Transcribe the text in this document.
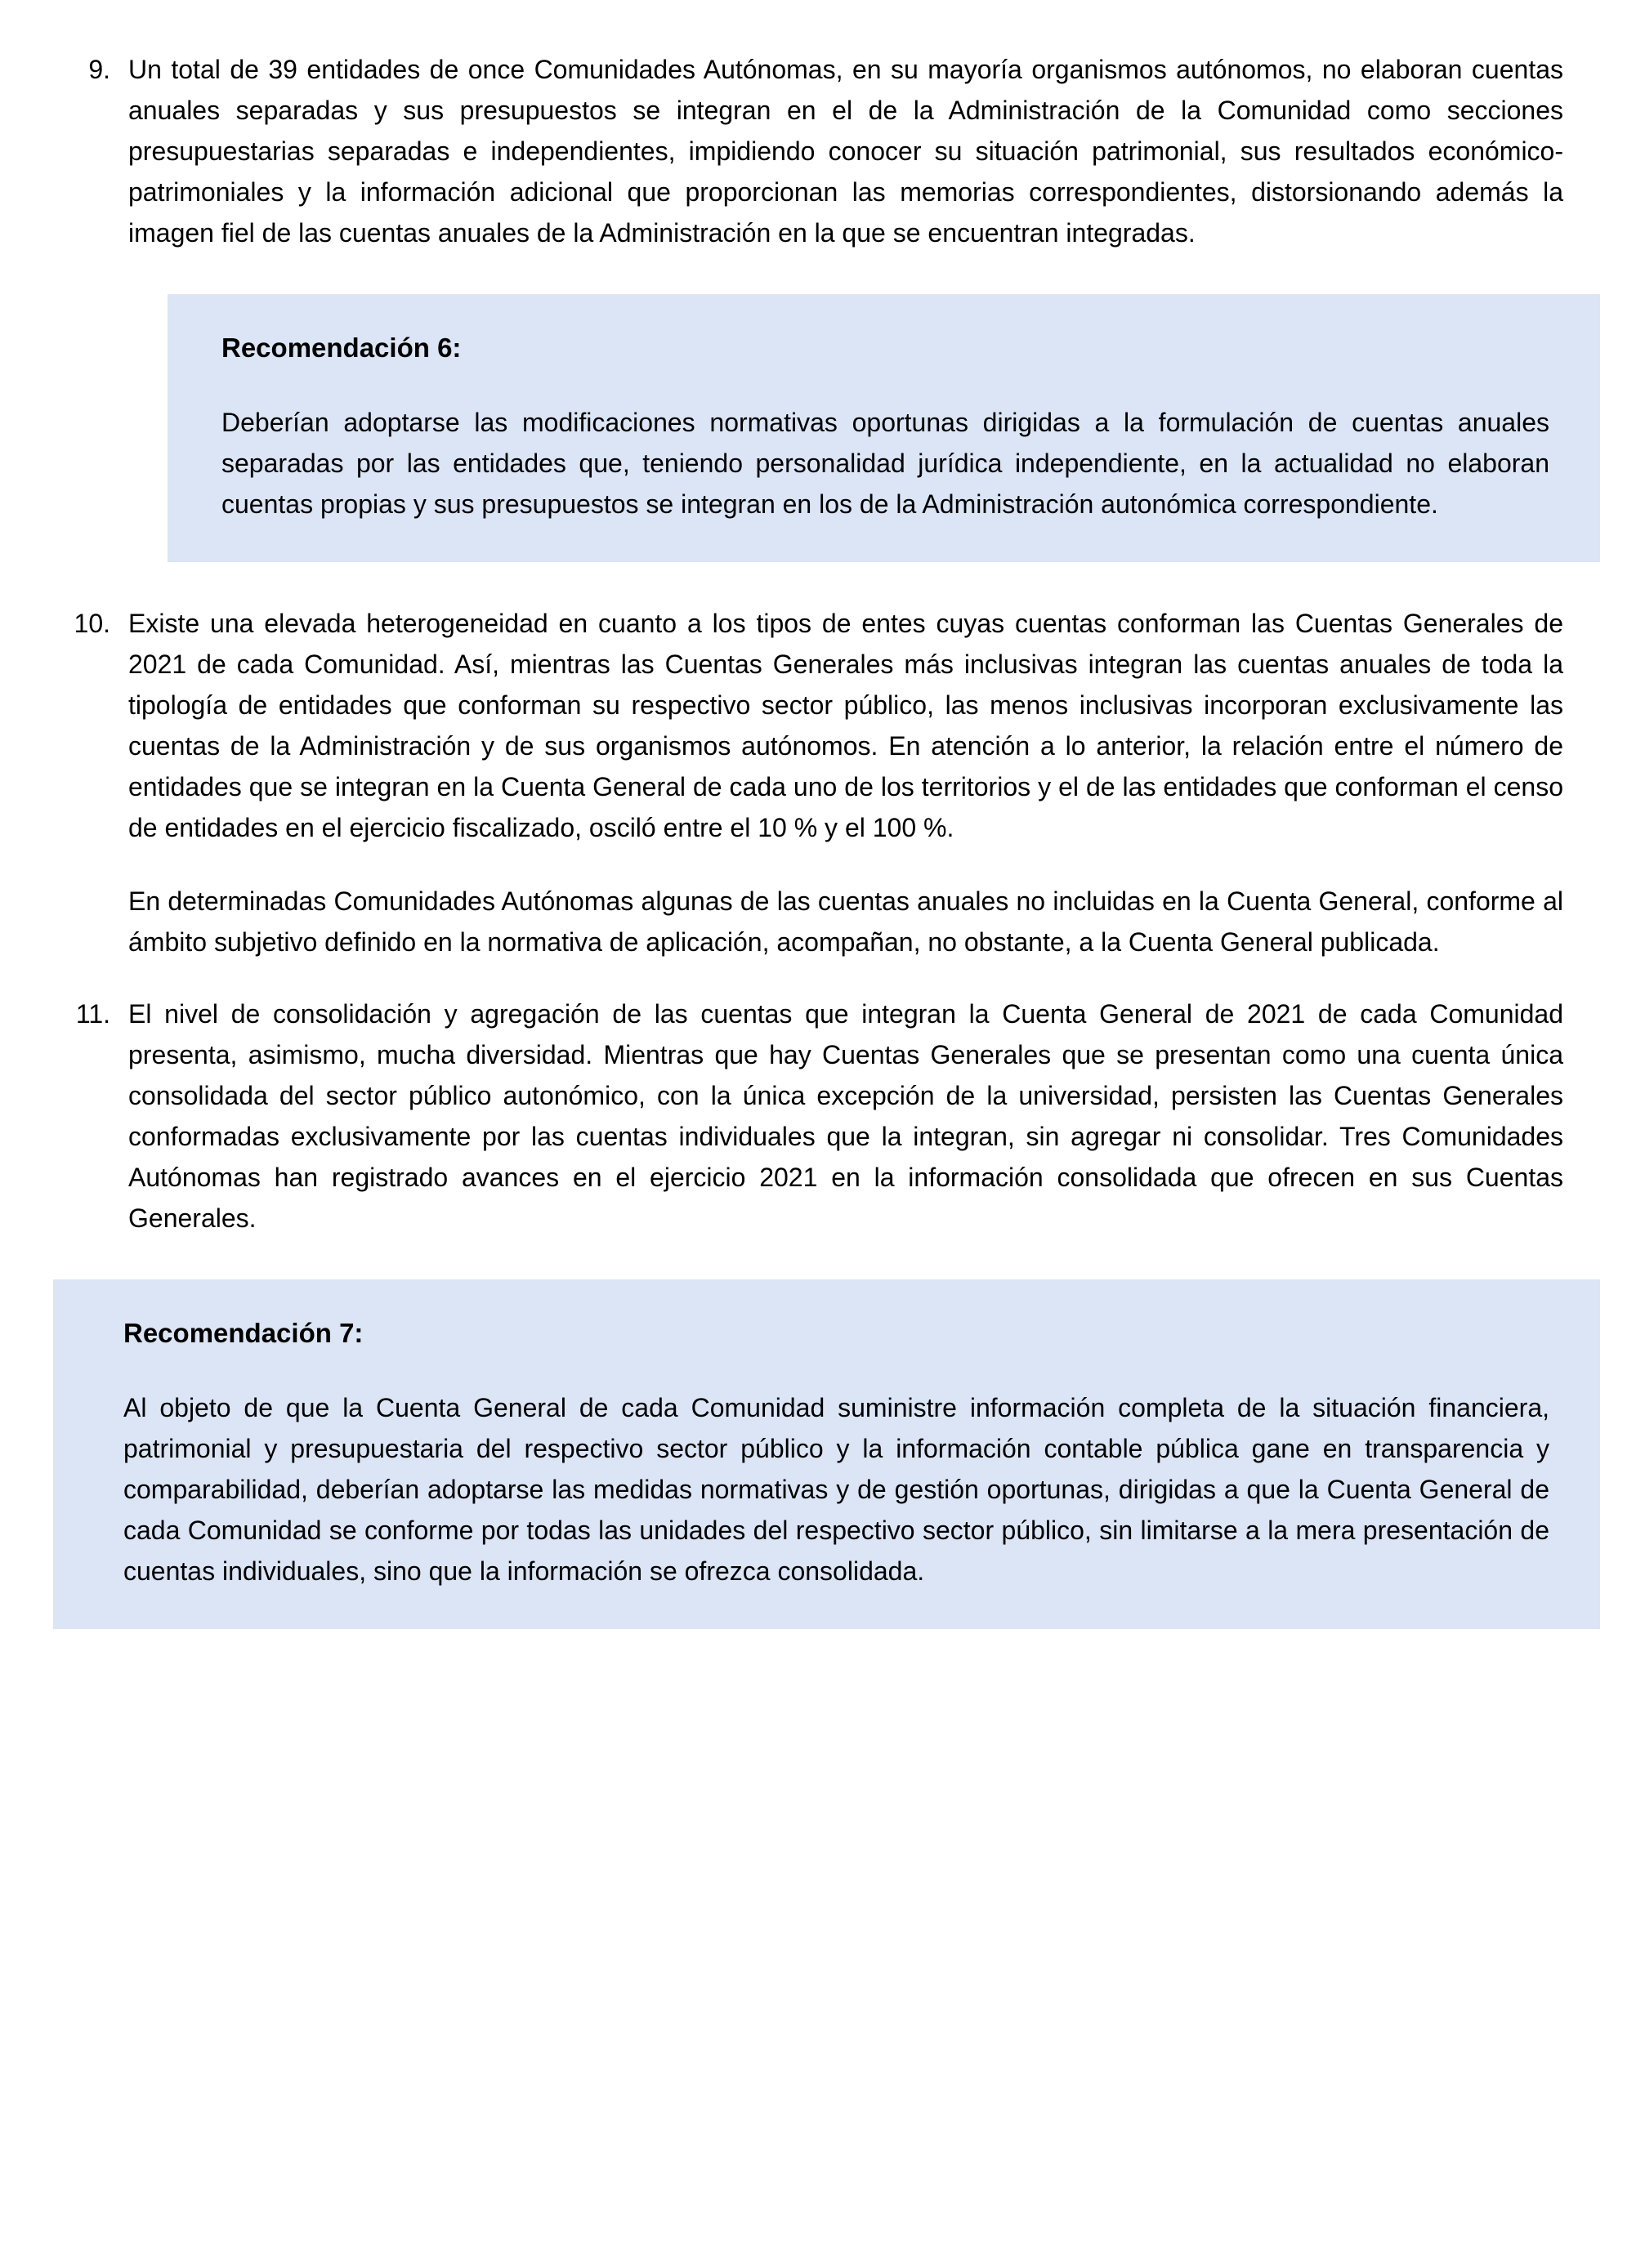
9. Un total de 39 entidades de once Comunidades Autónomas, en su mayoría organismos autónomos, no elaboran cuentas anuales separadas y sus presupuestos se integran en el de la Administración de la Comunidad como secciones presupuestarias separadas e independientes, impidiendo conocer su situación patrimonial, sus resultados económico-patrimoniales y la información adicional que proporcionan las memorias correspondientes, distorsionando además la imagen fiel de las cuentas anuales de la Administración en la que se encuentran integradas.

Recomendación 6:
Deberían adoptarse las modificaciones normativas oportunas dirigidas a la formulación de cuentas anuales separadas por las entidades que, teniendo personalidad jurídica independiente, en la actualidad no elaboran cuentas propias y sus presupuestos se integran en los de la Administración autonómica correspondiente.
10. Existe una elevada heterogeneidad en cuanto a los tipos de entes cuyas cuentas conforman las Cuentas Generales de 2021 de cada Comunidad. Así, mientras las Cuentas Generales más inclusivas integran las cuentas anuales de toda la tipología de entidades que conforman su respectivo sector público, las menos inclusivas incorporan exclusivamente las cuentas de la Administración y de sus organismos autónomos. En atención a lo anterior, la relación entre el número de entidades que se integran en la Cuenta General de cada uno de los territorios y el de las entidades que conforman el censo de entidades en el ejercicio fiscalizado, osciló entre el 10 % y el 100 %.

En determinadas Comunidades Autónomas algunas de las cuentas anuales no incluidas en la Cuenta General, conforme al ámbito subjetivo definido en la normativa de aplicación, acompañan, no obstante, a la Cuenta General publicada.

11. El nivel de consolidación y agregación de las cuentas que integran la Cuenta General de 2021 de cada Comunidad presenta, asimismo, mucha diversidad. Mientras que hay Cuentas Generales que se presentan como una cuenta única consolidada del sector público autonómico, con la única excepción de la universidad, persisten las Cuentas Generales conformadas exclusivamente por las cuentas individuales que la integran, sin agregar ni consolidar. Tres Comunidades Autónomas han registrado avances en el ejercicio 2021 en la información consolidada que ofrecen en sus Cuentas Generales.

Recomendación 7:
Al objeto de que la Cuenta General de cada Comunidad suministre información completa de la situación financiera, patrimonial y presupuestaria del respectivo sector público y la información contable pública gane en transparencia y comparabilidad, deberían adoptarse las medidas normativas y de gestión oportunas, dirigidas a que la Cuenta General de cada Comunidad se conforme por todas las unidades del respectivo sector público, sin limitarse a la mera presentación de cuentas individuales, sino que la información se ofrezca consolidada.
